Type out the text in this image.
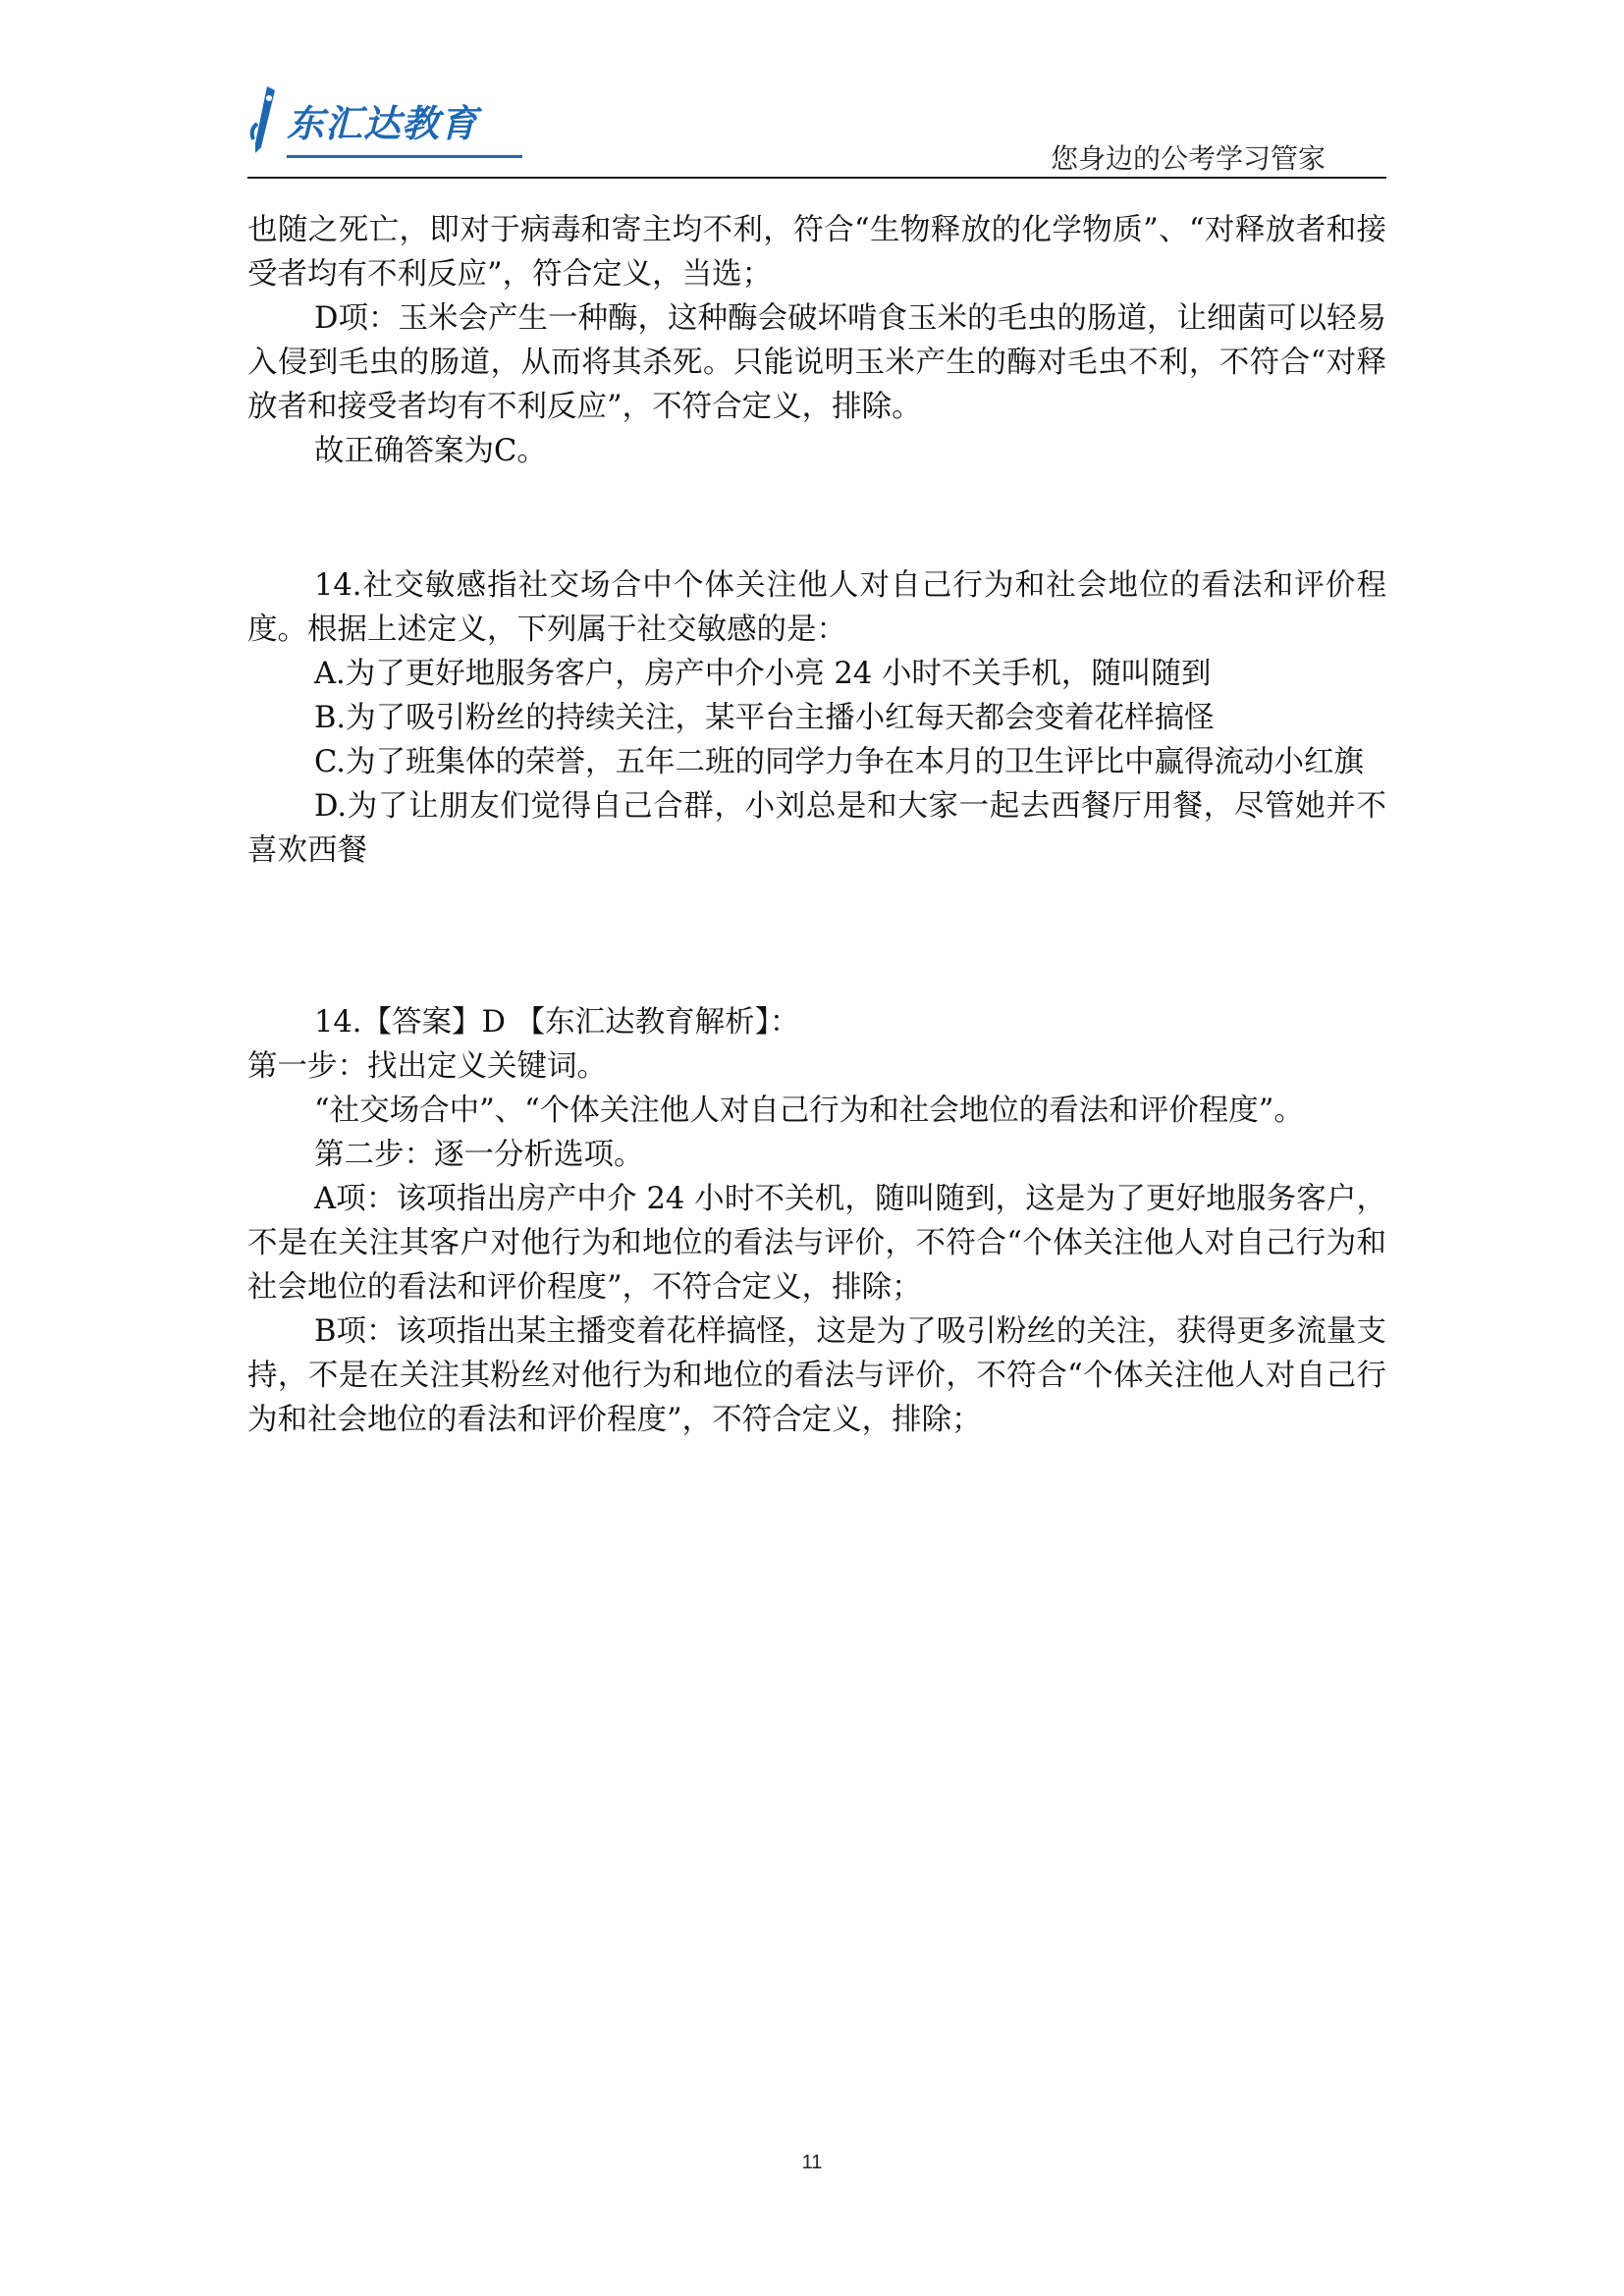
东汇达教育
您身边的公考学习管家

也随之死亡，即对于病毒和寄主均不利，符合“生物释放的化学物质”、“对释放者和接受者均有不利反应”，符合定义，当选；

D项：玉米会产生一种酶，这种酶会破坏啃食玉米的毛虫的肠道，让细菌可以轻易入侵到毛虫的肠道，从而将其杀死。只能说明玉米产生的酶对毛虫不利，不符合“对释放者和接受者均有不利反应”，不符合定义，排除。

故正确答案为C。

14.社交敏感指社交场合中个体关注他人对自己行为和社会地位的看法和评价程度。根据上述定义，下列属于社交敏感的是：

A.为了更好地服务客户，房产中介小亮 24 小时不关手机，随叫随到

B.为了吸引粉丝的持续关注，某平台主播小红每天都会变着花样搞怪

C.为了班集体的荣誉，五年二班的同学力争在本月的卫生评比中赢得流动小红旗

D.为了让朋友们觉得自己合群，小刘总是和大家一起去西餐厅用餐，尽管她并不喜欢西餐

14.【答案】D 【东汇达教育解析】：

第一步：找出定义关键词。

“社交场合中”、“个体关注他人对自己行为和社会地位的看法和评价程度”。

第二步：逐一分析选项。

A项：该项指出房产中介 24 小时不关机，随叫随到，这是为了更好地服务客户，不是在关注其客户对他行为和地位的看法与评价，不符合“个体关注他人对自己行为和社会地位的看法和评价程度”，不符合定义，排除；

B项：该项指出某主播变着花样搞怪，这是为了吸引粉丝的关注，获得更多流量支持，不是在关注其粉丝对他行为和地位的看法与评价，不符合“个体关注他人对自己行为和社会地位的看法和评价程度”，不符合定义，排除；

11
